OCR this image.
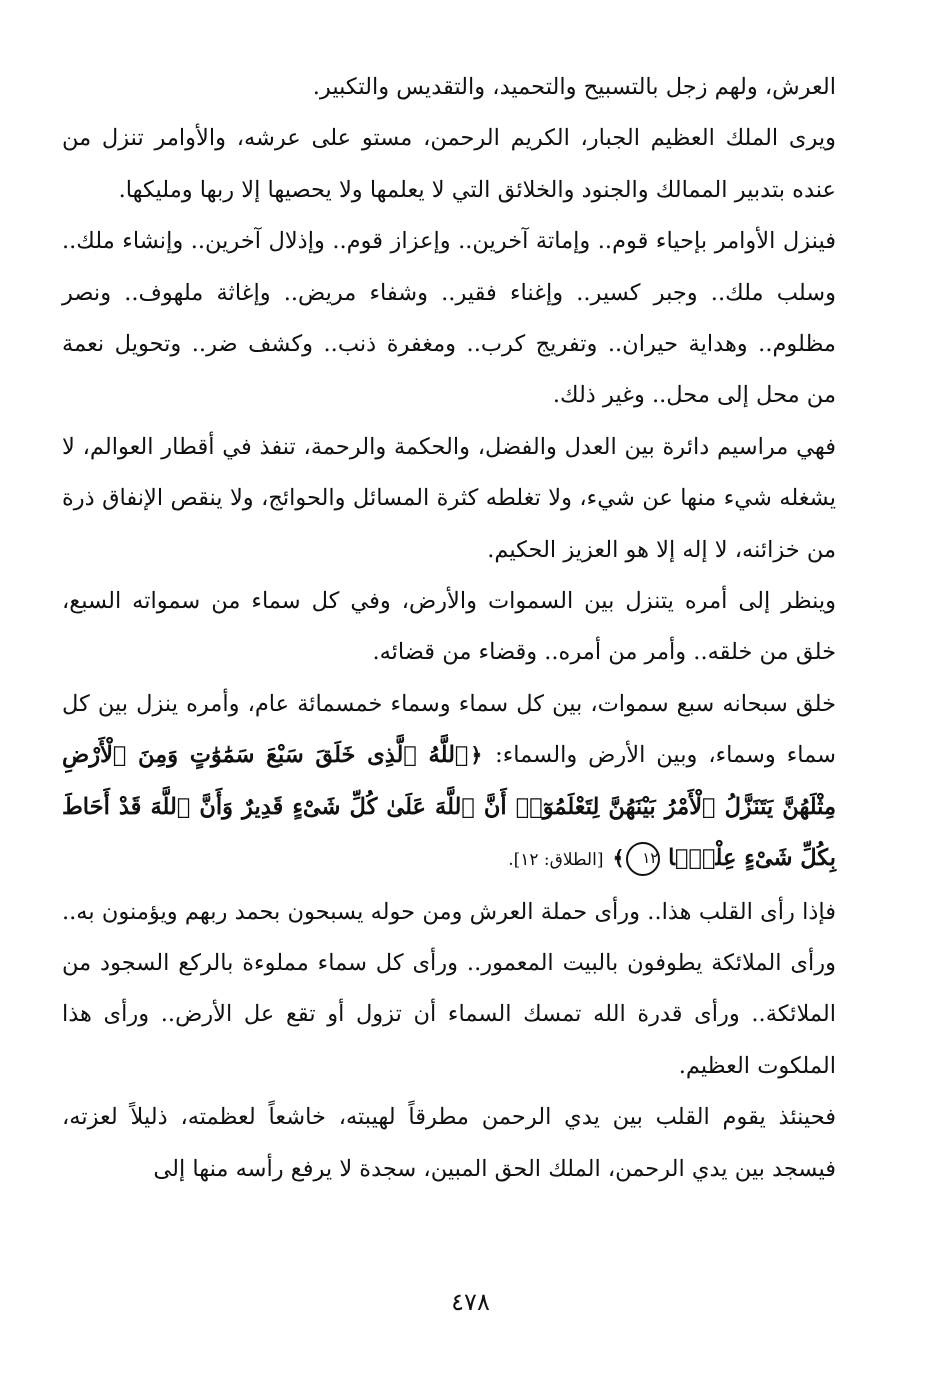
العرش، ولهم زجل بالتسبيح والتحميد، والتقديس والتكبير.

ويرى الملك العظيم الجبار، الكريم الرحمن، مستو على عرشه، والأوامر تنزل من عنده بتدبير الممالك والجنود والخلائق التي لا يعلمها ولا يحصيها إلا ربها ومليكها.

فينزل الأوامر بإحياء قوم.. وإماتة آخرين.. وإعزاز قوم.. وإذلال آخرين.. وإنشاء ملك.. وسلب ملك.. وجبر كسير.. وإغناء فقير.. وشفاء مريض.. وإغاثة ملهوف.. ونصر مظلوم.. وهداية حيران.. وتفريج كرب.. ومغفرة ذنب.. وكشف ضر.. وتحويل نعمة من محل إلى محل.. وغير ذلك.

فهي مراسيم دائرة بين العدل والفضل، والحكمة والرحمة، تنفذ في أقطار العوالم، لا يشغله شيء منها عن شيء، ولا تغلطه كثرة المسائل والحوائج، ولا ينقص الإنفاق ذرة من خزائنه، لا إله إلا هو العزيز الحكيم.

وينظر إلى أمره يتنزل بين السموات والأرض، وفي كل سماء من سمواته السبع، خلق من خلقه.. وأمر من أمره.. وقضاء من قضائه.

خلق سبحانه سبع سموات، بين كل سماء وسماء خمسمائة عام، وأمره ينزل بين كل سماء وسماء، وبين الأرض والسماء: ﴿ٱللَّهُ ٱلَّذِى خَلَقَ سَبْعَ سَمَٰوَٰتٍ وَمِنَ ٱلْأَرْضِ مِثْلَهُنَّ يَتَنَزَّلُ ٱلْأَمْرُ بَيْنَهُنَّ لِتَعْلَمُوٓا۟ أَنَّ ٱللَّهَ عَلَىٰ كُلِّ شَىْءٍ قَدِيرٌ وَأَنَّ ٱللَّهَ قَدْ أَحَاطَ بِكُلِّ شَىْءٍ عِلْمًۢا ١٢﴾ [الطلاق: ١٢].

فإذا رأى القلب هذا.. ورأى حملة العرش ومن حوله يسبحون بحمد ربهم ويؤمنون به.. ورأى الملائكة يطوفون بالبيت المعمور.. ورأى كل سماء مملوءة بالركع السجود من الملائكة.. ورأى قدرة الله تمسك السماء أن تزول أو تقع عل الأرض.. ورأى هذا الملكوت العظيم.

فحينئذ يقوم القلب بين يدي الرحمن مطرقاً لهيبته، خاشعاً لعظمته، ذليلاً لعزته، فيسجد بين يدي الرحمن، الملك الحق المبين، سجدة لا يرفع رأسه منها إلى

٤٧٨
